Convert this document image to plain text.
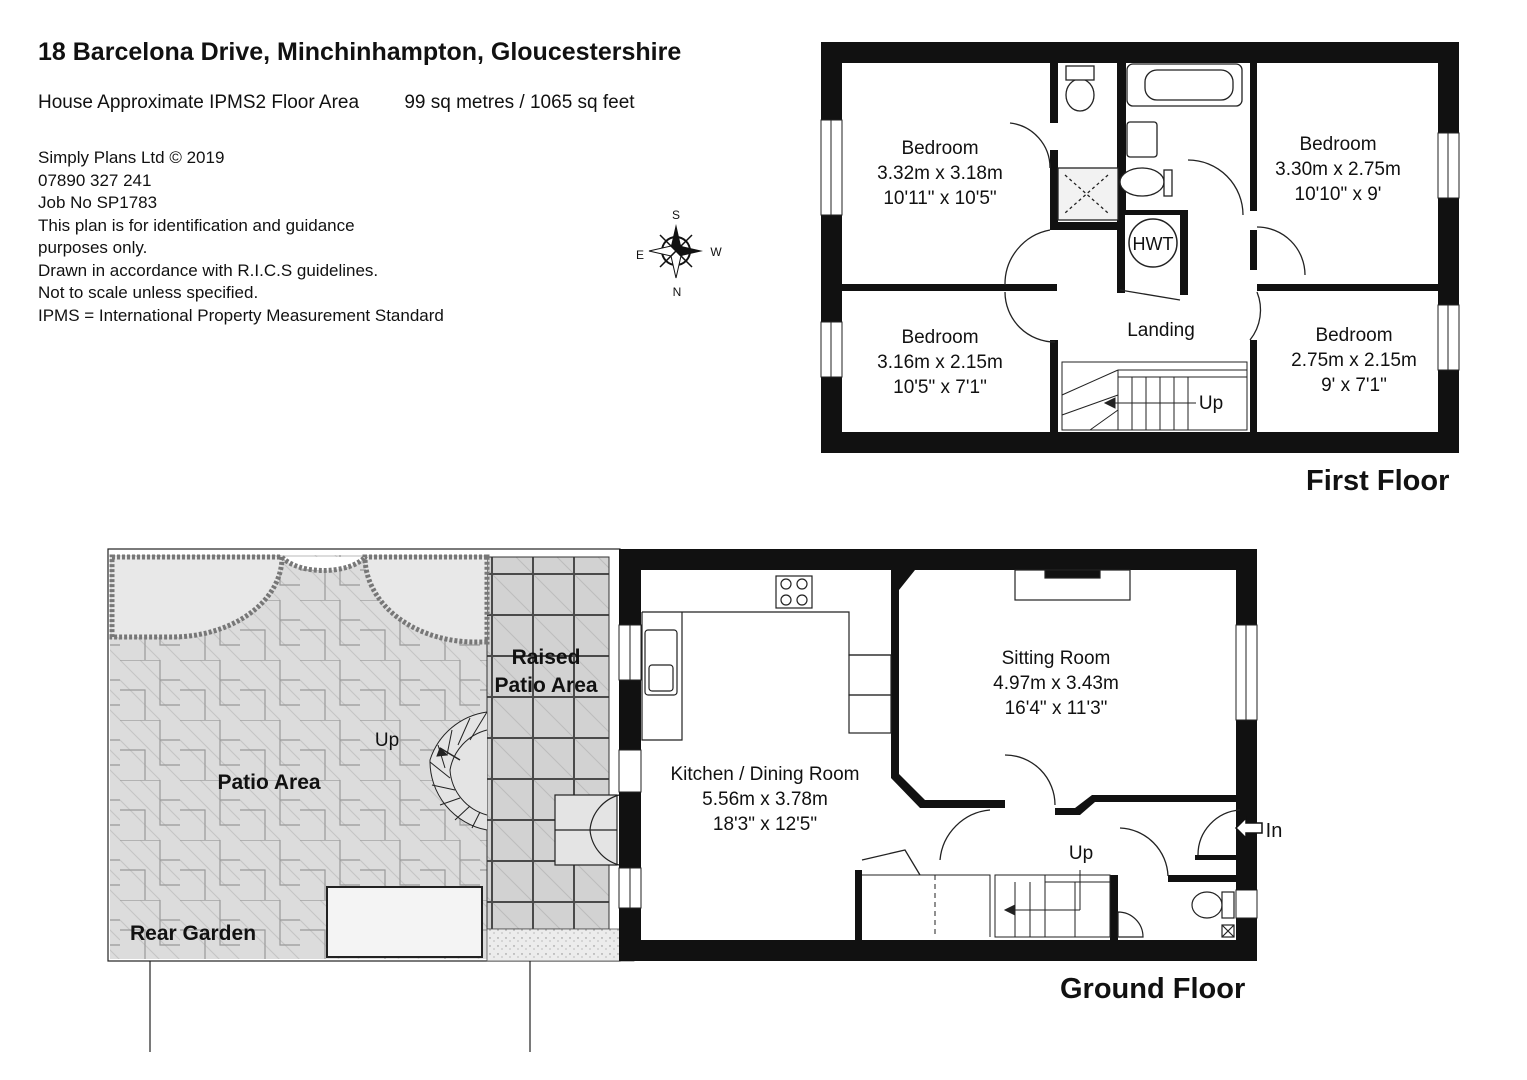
HWT
Bedroom
3.32m x 3.18m
10'11" x 10'5"
Bedroom
3.30m x 2.75m
10'10" x 9'
Bedroom
3.16m x 2.15m
10'5" x 7'1"
Bedroom
2.75m x 2.15m
9' x 7'1"
Landing
Up
S
E	W
N
Sitting Room
4.97m x 3.43m
16'4" x 11'3"
Kitchen / Dining Room
5.56m x 3.78m
18'3" x 12'5"
Raised
Patio Area
Patio Area
Rear Garden
Up
Up
In
18 Barcelona Drive, Minchinhampton, Gloucestershire
House Approximate IPMS2 Floor Area 99 sq metres / 1065 sq feet
Simply Plans Ltd © 2019
07890 327 241
Job No SP1783
This plan is for identification and guidance
purposes only.
Drawn in accordance with R.I.C.S guidelines.
Not to scale unless specified.
IPMS = International Property Measurement Standard
First Floor
Ground Floor
